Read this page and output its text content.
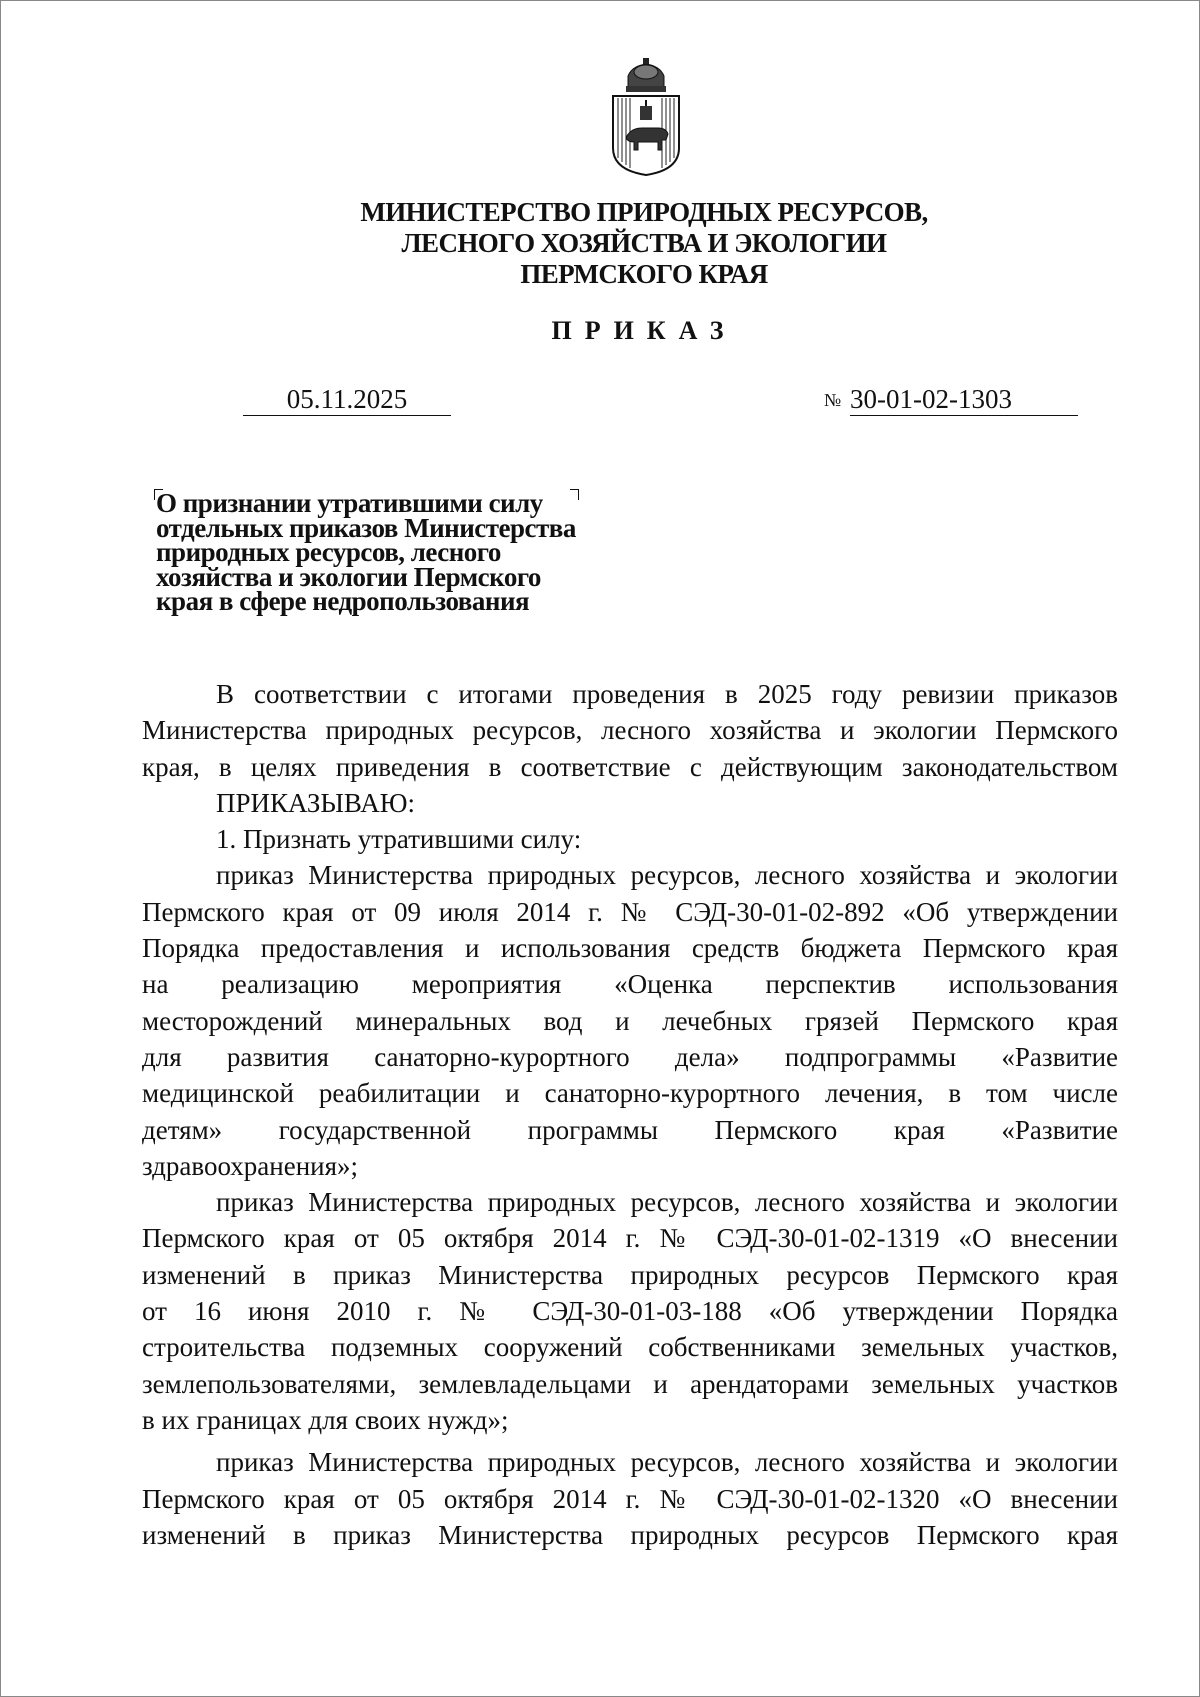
МИНИСТЕРСТВО ПРИРОДНЫХ РЕСУРСОВ,
ЛЕСНОГО ХОЗЯЙСТВА И ЭКОЛОГИИ
ПЕРМСКОГО КРАЯ
ПРИКАЗ
05.11.2025	№ 30-01-02-1303
О признании утратившими силу
отдельных приказов Министерства
природных ресурсов, лесного
хозяйства и экологии Пермского
края в сфере недропользования
В соответствии с итогами проведения в 2025 году ревизии приказов
Министерства природных ресурсов, лесного хозяйства и экологии Пермского
края, в целях приведения в соответствие с действующим законодательством
ПРИКАЗЫВАЮ:
1. Признать утратившими силу:
приказ Министерства природных ресурсов, лесного хозяйства и экологии
Пермского края от 09 июля 2014 г. № СЭД-30-01-02-892 «Об утверждении
Порядка предоставления и использования средств бюджета Пермского края
на реализацию мероприятия «Оценка перспектив использования
месторождений минеральных вод и лечебных грязей Пермского края
для развития санаторно-курортного дела» подпрограммы «Развитие
медицинской реабилитации и санаторно-курортного лечения, в том числе
детям» государственной программы Пермского края «Развитие
здравоохранения»;
приказ Министерства природных ресурсов, лесного хозяйства и экологии
Пермского края от 05 октября 2014 г. № СЭД-30-01-02-1319 «О внесении
изменений в приказ Министерства природных ресурсов Пермского края
от 16 июня 2010 г. № СЭД-30-01-03-188 «Об утверждении Порядка
строительства подземных сооружений собственниками земельных участков,
землепользователями, землевладельцами и арендаторами земельных участков
в их границах для своих нужд»;
приказ Министерства природных ресурсов, лесного хозяйства и экологии
Пермского края от 05 октября 2014 г. № СЭД-30-01-02-1320 «О внесении
изменений в приказ Министерства природных ресурсов Пермского края
